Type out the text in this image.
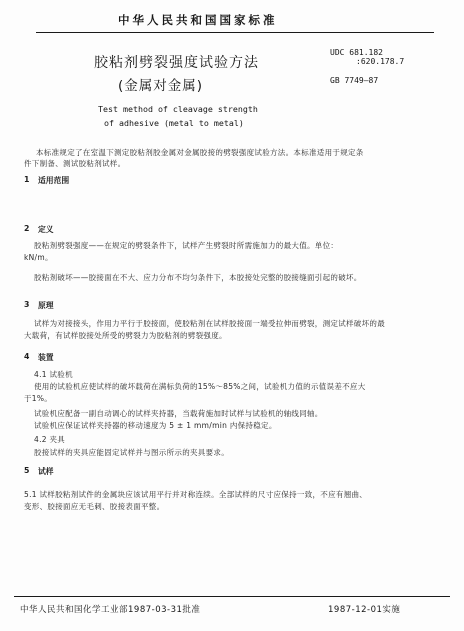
中华人民共和国国家标准
UDC 681.182
:620.178.7
GB 7749—87
胶粘剂劈裂强度试验方法
(金属对金属)
Test method of cleavage strength
of adhesive (metal to metal)
本标准规定了在室温下测定胶粘剂胶金属对金属胶接的劈裂强度试验方法。本标准适用于规定条
件下制备、测试胶粘剂试样。
1 适用范围
2 定义
胶粘剂劈裂强度——在规定的劈裂条件下，试样产生劈裂时所需施加力的最大值。单位：
kN/m。
胶粘剂破坏——胶接面在不大、应力分布不均匀条件下，本胶接处完整的胶接缝面引起的破坏。
3 原理
试样为对接接头，作用力平行于胶接面，使胶粘剂在试样胶接面一端受拉伸而劈裂，测定试样破坏的最
大载荷，有试样胶接处所受的劈裂力为胶粘剂的劈裂强度。
4 装置
4.1 试验机
使用的试验机应使试样的破坏载荷在满标负荷的15%～85%之间，试验机力值的示值误差不应大
于1%。
试验机应配备一副自动调心的试样夹持器，当载荷施加时试样与试验机的轴线同轴。
试验机应保证试样夹持器的移动速度为 5 ± 1 mm/min 内保持稳定。
4.2 夹具
胶接试样的夹具应能固定试样并与图示所示的夹具要求。
5 试样
5.1 试样胶粘剂试件的金属块应该试用平行并对称连续。全部试样的尺寸应保持一致，不应有翘曲、
变形、胶接面应无毛刺、胶接表面平整。
中华人民共和国化学工业部1987-03-31批准	1987-12-01实施
